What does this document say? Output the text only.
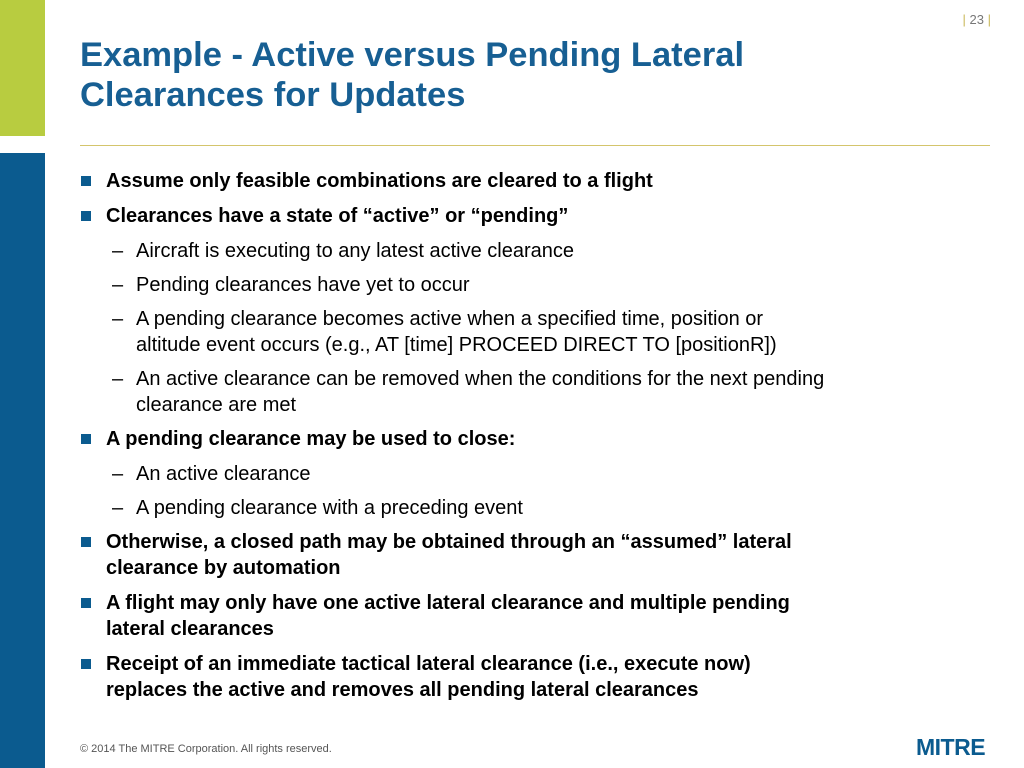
| 23 |
Example - Active versus Pending Lateral
Clearances for Updates
Assume only feasible combinations are cleared to a flight
Clearances have a state of “active” or “pending”
– Aircraft is executing to any latest active clearance
– Pending clearances have yet to occur
– A pending clearance becomes active when a specified time, position or
altitude event occurs (e.g., AT [time] PROCEED DIRECT TO [positionR])
– An active clearance can be removed when the conditions for the next pending
clearance are met
A pending clearance may be used to close:
– An active clearance
– A pending clearance with a preceding event
Otherwise, a closed path may be obtained through an “assumed” lateral
clearance by automation
A flight may only have one active lateral clearance and multiple pending
lateral clearances
Receipt of an immediate tactical lateral clearance (i.e., execute now)
replaces the active and removes all pending lateral clearances
© 2014 The MITRE Corporation. All rights reserved.	MITRE
